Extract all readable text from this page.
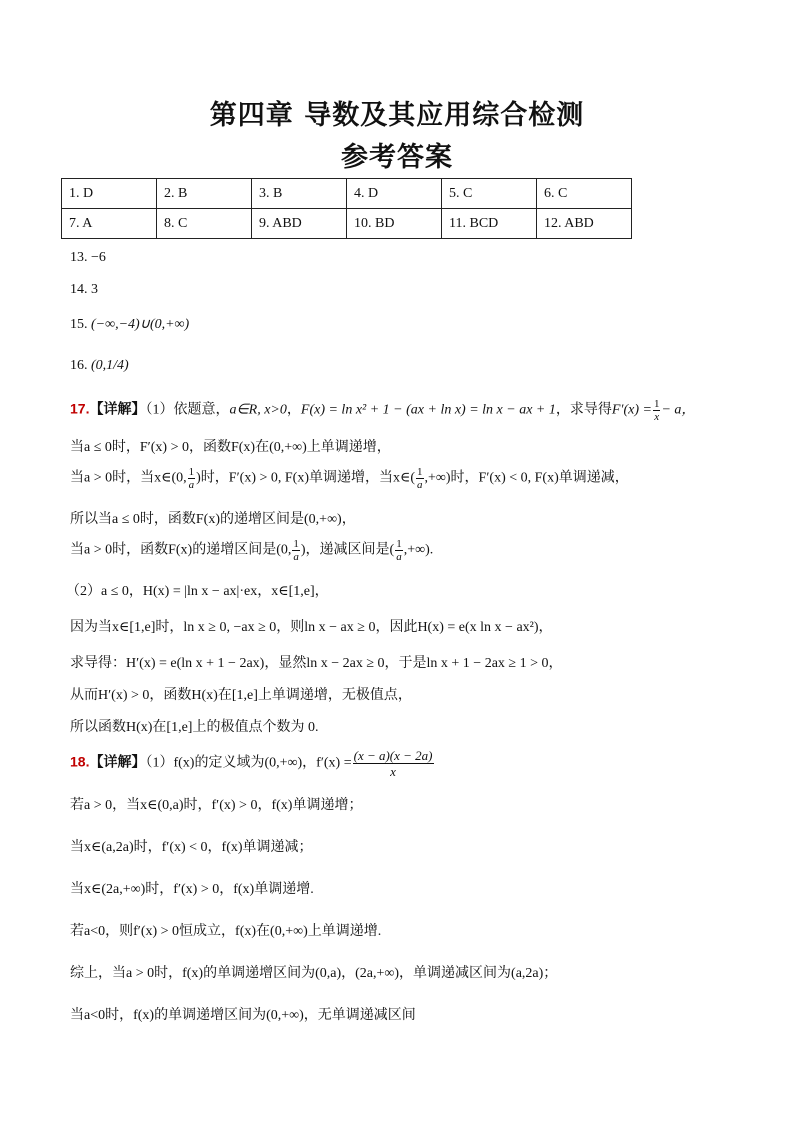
第四章 导数及其应用综合检测
参考答案
1. D	2. B	3. B	4. D	5. C	6. C
7. A	8. C	9. ABD	10. BD	11. BCD	12. ABD
13. −6
14. 3
15. (−∞,−4)∪(0,+∞)
16. (0,1/4)
17.【详解】（1）依题意，a∈R, x>0，F(x) = ln x² + 1 − (ax + ln x) = ln x − ax + 1，求导得$F'(x) = \frac{1}{x} - a$，
当a ≤ 0时，F′(x) > 0，函数F(x)在(0,+∞)上单调递增，
当a > 0时，当x∈(0, $\frac{1}{a}$ )时，F′(x) > 0, F(x)单调递增，当x∈( $\frac{1}{a}$ ,+∞)时，F′(x) < 0, F(x)单调递减，
所以当a ≤ 0时，函数F(x)的递增区间是(0,+∞)，
当a > 0时，函数F(x)的递增区间是(0, $\frac{1}{a}$ )，递减区间是( $\frac{1}{a}$ ,+∞).
（2）a ≤ 0，H(x) = |ln x − ax|·ex，x∈[1,e]，
因为当x∈[1,e]时，ln x ≥ 0, −ax ≥ 0，则ln x − ax ≥ 0，因此H(x) = e(x ln x − ax²)，
求导得：H′(x) = e(ln x + 1 − 2ax)，显然ln x − 2ax ≥ 0，于是ln x + 1 − 2ax ≥ 1 > 0，
从而H′(x) > 0，函数H(x)在[1,e]上单调递增，无极值点，
所以函数H(x)在[1,e]上的极值点个数为 0.
18.【详解】（1）f(x)的定义域为(0,+∞)，$f'(x) = \frac{(x - a)(x - 2a)}{x}$
若a > 0，当x∈(0,a)时，f′(x) > 0，f(x)单调递增；
当x∈(a,2a)时，f′(x) < 0，f(x)单调递减；
当x∈(2a,+∞)时，f′(x) > 0，f(x)单调递增.
若a<0，则f′(x) > 0恒成立，f(x)在(0,+∞)上单调递增.
综上，当a > 0时，f(x)的单调递增区间为(0,a)，(2a,+∞)，单调递减区间为(a,2a)；
当a<0时，f(x)的单调递增区间为(0,+∞)，无单调递减区间
